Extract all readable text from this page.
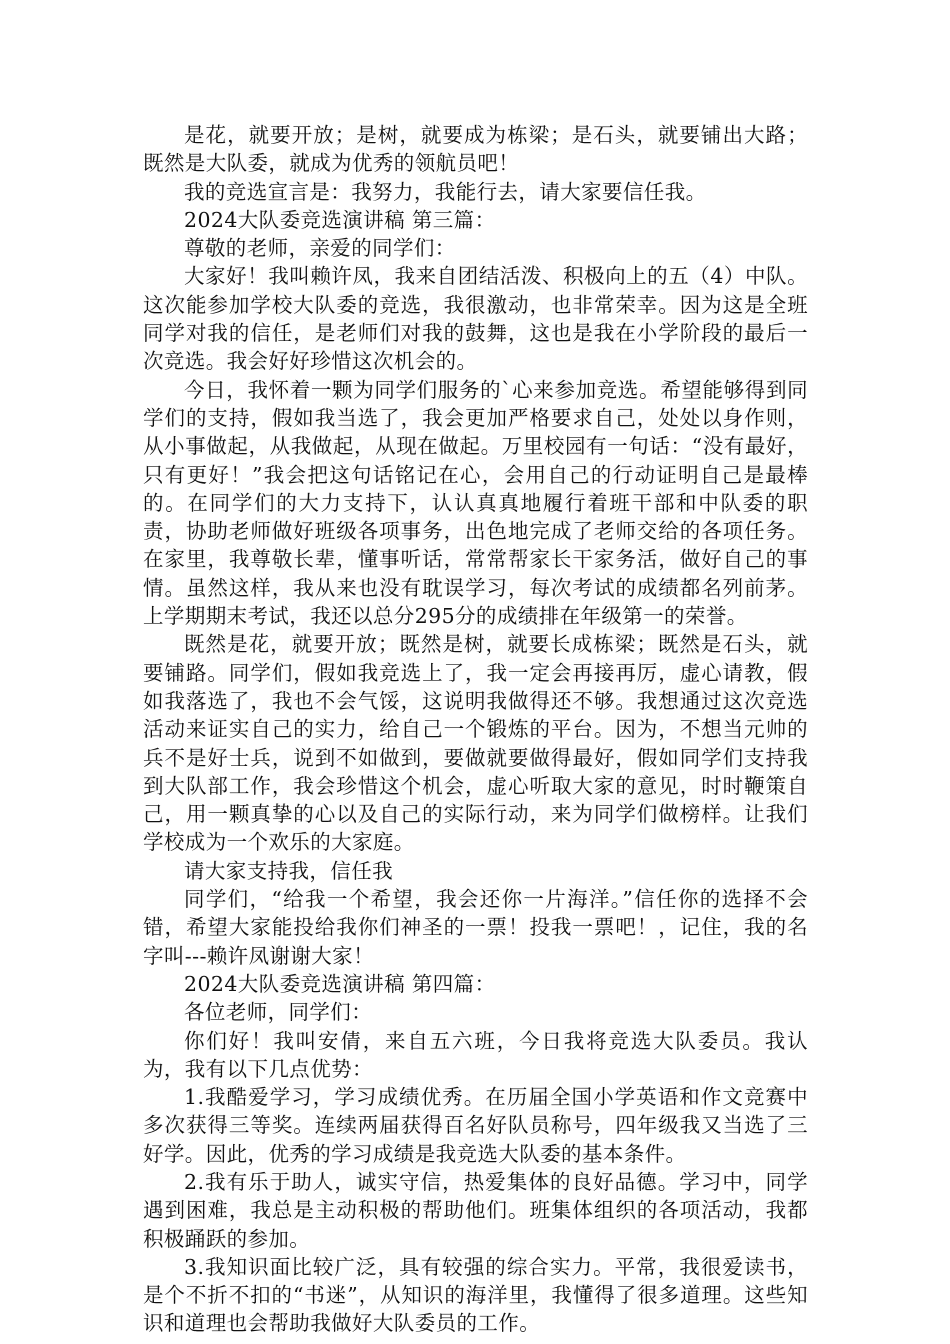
是花，就要开放；是树，就要成为栋梁；是石头，就要铺出大路；既然是大队委，就成为优秀的领航员吧！

我的竞选宣言是：我努力，我能行去，请大家要信任我。

2024大队委竞选演讲稿 第三篇：

尊敬的老师，亲爱的同学们：

大家好！我叫赖许凤，我来自团结活泼、积极向上的五（4）中队。这次能参加学校大队委的竞选，我很激动，也非常荣幸。因为这是全班同学对我的信任，是老师们对我的鼓舞，这也是我在小学阶段的最后一次竞选。我会好好珍惜这次机会的。

今日，我怀着一颗为同学们服务的`心来参加竞选。希望能够得到同学们的支持，假如我当选了，我会更加严格要求自己，处处以身作则，从小事做起，从我做起，从现在做起。万里校园有一句话：“没有最好，只有更好！”我会把这句话铭记在心，会用自己的行动证明自己是最棒的。在同学们的大力支持下，认认真真地履行着班干部和中队委的职责，协助老师做好班级各项事务，出色地完成了老师交给的各项任务。在家里，我尊敬长辈，懂事听话，常常帮家长干家务活，做好自己的事情。虽然这样，我从来也没有耽误学习，每次考试的成绩都名列前茅。上学期期末考试，我还以总分295分的成绩排在年级第一的荣誉。

既然是花，就要开放；既然是树，就要长成栋梁；既然是石头，就要铺路。同学们，假如我竞选上了，我一定会再接再厉，虚心请教，假如我落选了，我也不会气馁，这说明我做得还不够。我想通过这次竞选活动来证实自己的实力，给自己一个锻炼的平台。因为，不想当元帅的兵不是好士兵，说到不如做到，要做就要做得最好，假如同学们支持我到大队部工作，我会珍惜这个机会，虚心听取大家的意见，时时鞭策自己，用一颗真挚的心以及自己的实际行动，来为同学们做榜样。让我们学校成为一个欢乐的大家庭。

请大家支持我，信任我

同学们，“给我一个希望，我会还你一片海洋。”信任你的选择不会错，希望大家能投给我你们神圣的一票！投我一票吧！，记住，我的名字叫---赖许凤谢谢大家！

2024大队委竞选演讲稿 第四篇：

各位老师，同学们：

你们好！我叫安倩，来自五六班，今日我将竞选大队委员。我认为，我有以下几点优势：

1.我酷爱学习，学习成绩优秀。在历届全国小学英语和作文竞赛中多次获得三等奖。连续两届获得百名好队员称号，四年级我又当选了三好学。因此，优秀的学习成绩是我竞选大队委的基本条件。

2.我有乐于助人，诚实守信，热爱集体的良好品德。学习中，同学遇到困难，我总是主动积极的帮助他们。班集体组织的各项活动，我都积极踊跃的参加。

3.我知识面比较广泛，具有较强的综合实力。平常，我很爱读书，是个不折不扣的“书迷”，从知识的海洋里，我懂得了很多道理。这些知识和道理也会帮助我做好大队委员的工作。
